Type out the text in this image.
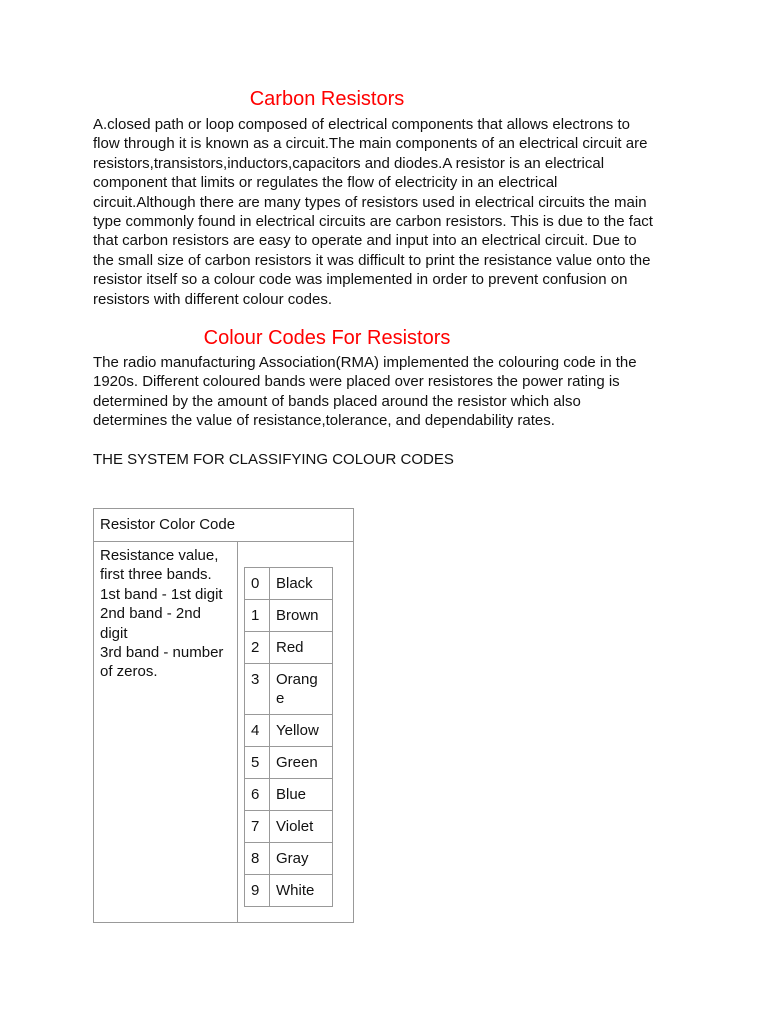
Carbon Resistors

A.closed path or loop composed of electrical components that allows electrons to
flow through it is known as a circuit.The main components of an electrical circuit are
resistors,transistors,inductors,capacitors and diodes.A resistor is an electrical
component that limits or regulates the flow of electricity in an electrical
circuit.Although there are many types of resistors used in electrical circuits the main
type commonly found in electrical circuits are carbon resistors. This is due to the fact
that carbon resistors are easy to operate and input into an electrical circuit. Due to
the small size of carbon resistors it was difficult to print the resistance value onto the
resistor itself so a colour code was implemented in order to prevent confusion on
resistors with different colour codes.

Colour Codes For Resistors

The radio manufacturing Association(RMA) implemented the colouring code in the
1920s. Different coloured bands were placed over resistores the power rating is
determined by the amount of bands placed around the resistor which also
determines the value of resistance,tolerance, and dependability rates.

THE SYSTEM FOR CLASSIFYING COLOUR CODES
Resistor Color Code

Resistance value,
first three bands.
1st band - 1st digit
2nd band - 2nd
digit
3rd band - number
of zeros.

0	Black
1	Brown
2	Red
3	Orang
e
4	Yellow
5	Green
6	Blue
7	Violet
8	Gray
9	White
